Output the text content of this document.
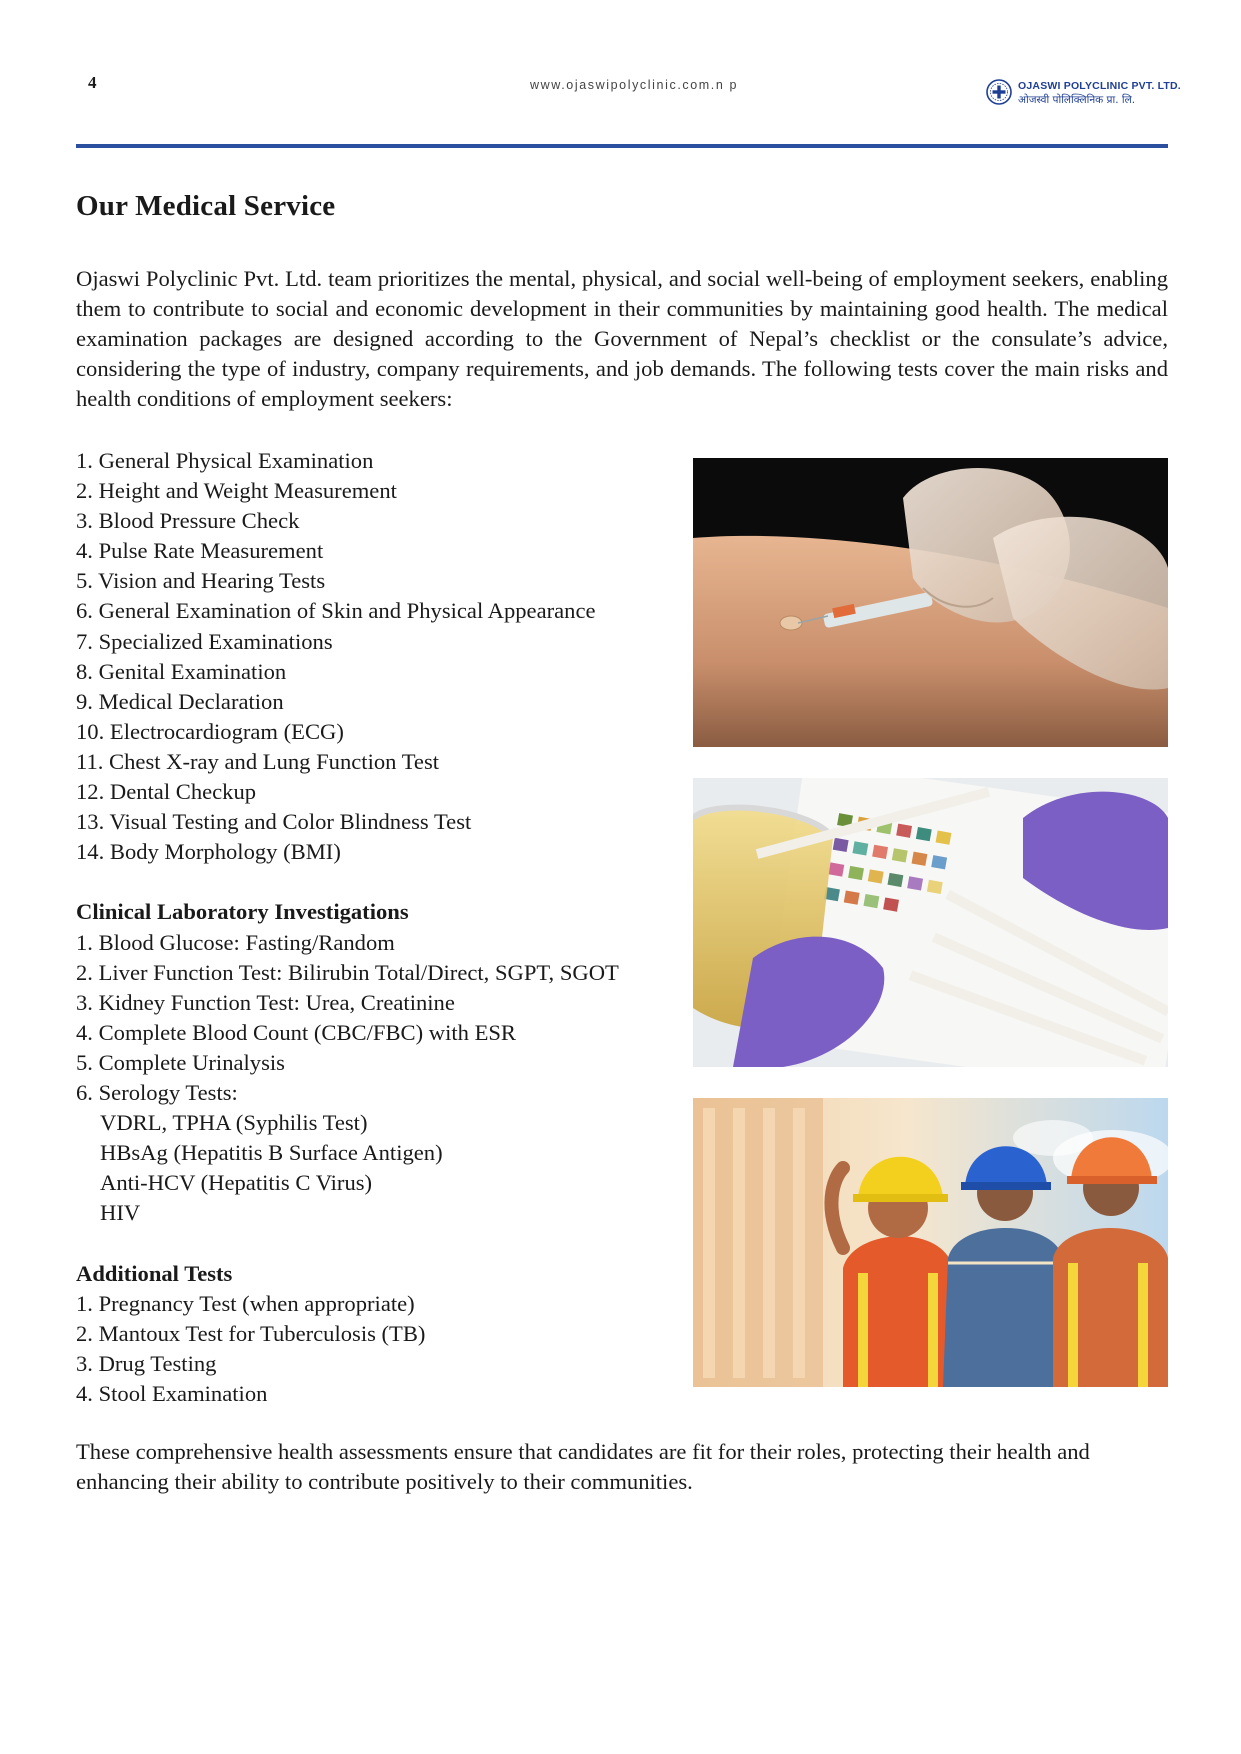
4	www.ojaswipolyclinic.com.n p	OJASWI POLYCLINIC PVT. LTD.
ओजस्वी पोलिक्लिनिक प्रा. लि.
Our Medical Service

Ojaswi Polyclinic Pvt. Ltd. team prioritizes the mental, physical, and social well-being of employment seekers, enabling them to contribute to social and economic development in their communities by maintaining good health. The medical examination packages are designed according to the Government of Nepal’s checklist or the consulate’s advice, considering the type of industry, company requirements, and job demands. The following tests cover the main risks and health conditions of employment seekers:

1. General Physical Examination
2. Height and Weight Measurement
3. Blood Pressure Check
4. Pulse Rate Measurement
5. Vision and Hearing Tests
6. General Examination of Skin and Physical Appearance
7. Specialized Examinations
8. Genital Examination
9. Medical Declaration
10. Electrocardiogram (ECG)
11. Chest X-ray and Lung Function Test
12. Dental Checkup
13. Visual Testing and Color Blindness Test
14. Body Morphology (BMI)
Clinical Laboratory Investigations
1. Blood Glucose: Fasting/Random
2. Liver Function Test: Bilirubin Total/Direct, SGPT, SGOT
3. Kidney Function Test: Urea, Creatinine
4. Complete Blood Count (CBC/FBC) with ESR
5. Complete Urinalysis
6. Serology Tests:
VDRL, TPHA (Syphilis Test)
HBsAg (Hepatitis B Surface Antigen)
Anti-HCV (Hepatitis C Virus)
HIV
Additional Tests
1. Pregnancy Test (when appropriate)
2. Mantoux Test for Tuberculosis (TB)
3. Drug Testing
4. Stool Examination

These comprehensive health assessments ensure that candidates are fit for their roles, protecting their health and enhancing their ability to contribute positively to their communities.
